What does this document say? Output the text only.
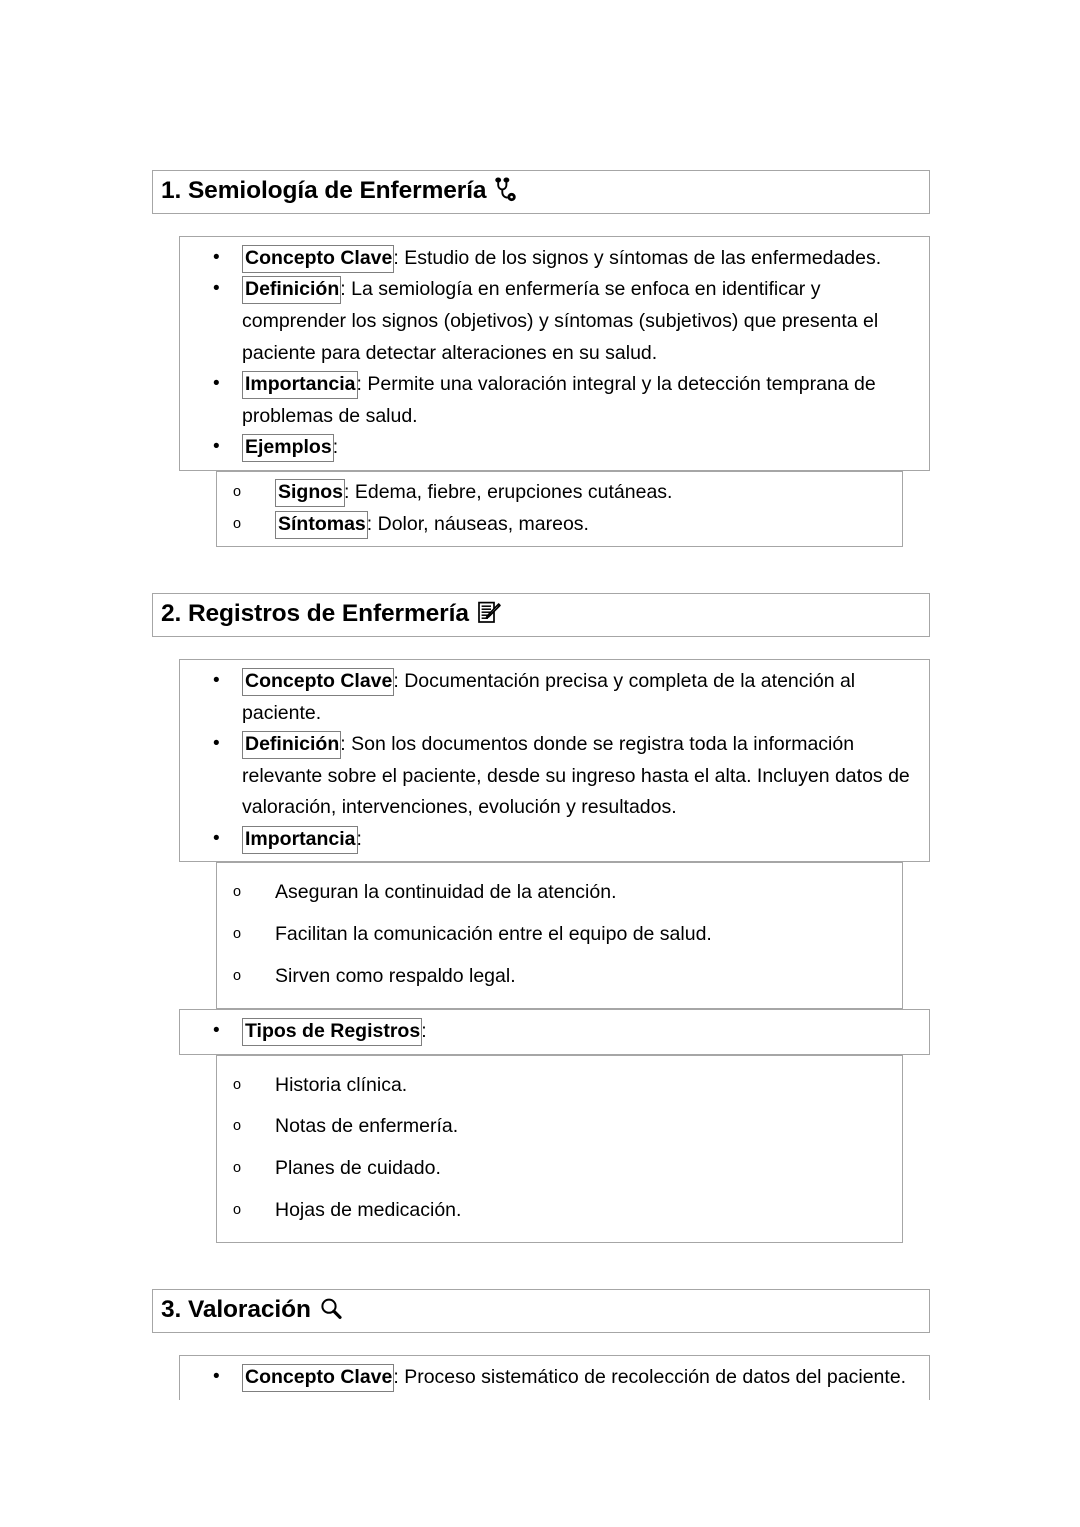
1. Semiología de Enfermería
• Concepto Clave: Estudio de los signos y síntomas de las enfermedades.
• Definición: La semiología en enfermería se enfoca en identificar y comprender los signos (objetivos) y síntomas (subjetivos) que presenta el paciente para detectar alteraciones en su salud.
• Importancia: Permite una valoración integral y la detección temprana de problemas de salud.
• Ejemplos:
o Signos: Edema, fiebre, erupciones cutáneas.
o Síntomas: Dolor, náuseas, mareos.
2. Registros de Enfermería
• Concepto Clave: Documentación precisa y completa de la atención al paciente.
• Definición: Son los documentos donde se registra toda la información relevante sobre el paciente, desde su ingreso hasta el alta. Incluyen datos de valoración, intervenciones, evolución y resultados.
• Importancia:
o Aseguran la continuidad de la atención.
o Facilitan la comunicación entre el equipo de salud.
o Sirven como respaldo legal.
• Tipos de Registros:
o Historia clínica.
o Notas de enfermería.
o Planes de cuidado.
o Hojas de medicación.
3. Valoración
• Concepto Clave: Proceso sistemático de recolección de datos del paciente.
